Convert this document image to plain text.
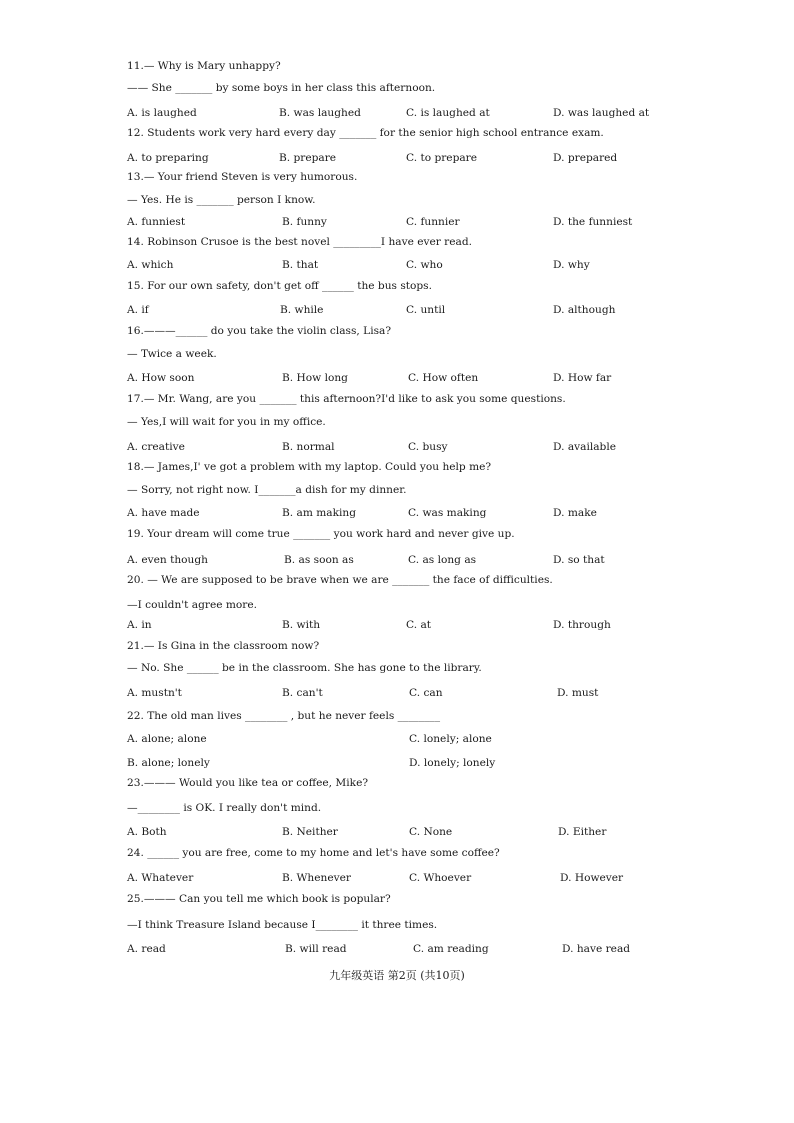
11.— Why is Mary unhappy?
—— She _______ by some boys in her class this afternoon.
A. is laughed	B. was laughed	C. is laughed at	D. was laughed at
12. Students work very hard every day _______ for the senior high school entrance exam.
A. to preparing	B. prepare	C. to prepare	D. prepared
13.— Your friend Steven is very humorous.
— Yes. He is _______ person I know.
A. funniest	B. funny	C. funnier	D. the funniest
14. Robinson Crusoe is the best novel _________I have ever read.
A. which	B. that	C. who	D. why
15. For our own safety, don't get off ______ the bus stops.
A. if	B. while	C. until	D. although
16.———______ do you take the violin class, Lisa?
— Twice a week.
A. How soon	B. How long	C. How often	D. How far
17.— Mr. Wang, are you _______ this afternoon?I'd like to ask you some questions.
— Yes,I will wait for you in my office.
A. creative	B. normal	C. busy	D. available
18.— James,I' ve got a problem with my laptop. Could you help me?
— Sorry, not right now. I_______a dish for my dinner.
A. have made	B. am making	C. was making	D. make
19. Your dream will come true _______ you work hard and never give up.
A. even though	B. as soon as	C. as long as	D. so that
20. — We are supposed to be brave when we are _______ the face of difficulties.
—I couldn't agree more.
A. in	B. with	C. at	D. through
21.— Is Gina in the classroom now?
— No. She ______ be in the classroom. She has gone to the library.
A. mustn't	B. can't	C. can	D. must
22. The old man lives ________ , but he never feels ________
A. alone; alone	C. lonely; alone
B. alone; lonely	D. lonely; lonely
23.——— Would you like tea or coffee, Mike?
—________ is OK. I really don't mind.
A. Both	B. Neither	C. None	D. Either
24. ______ you are free, come to my home and let's have some coffee?
A. Whatever	B. Whenever	C. Whoever	D. However
25.——— Can you tell me which book is popular?
—I think Treasure Island because I________ it three times.
A. read	B. will read	C. am reading	D. have read
九年级英语 第2页 (共10页)
